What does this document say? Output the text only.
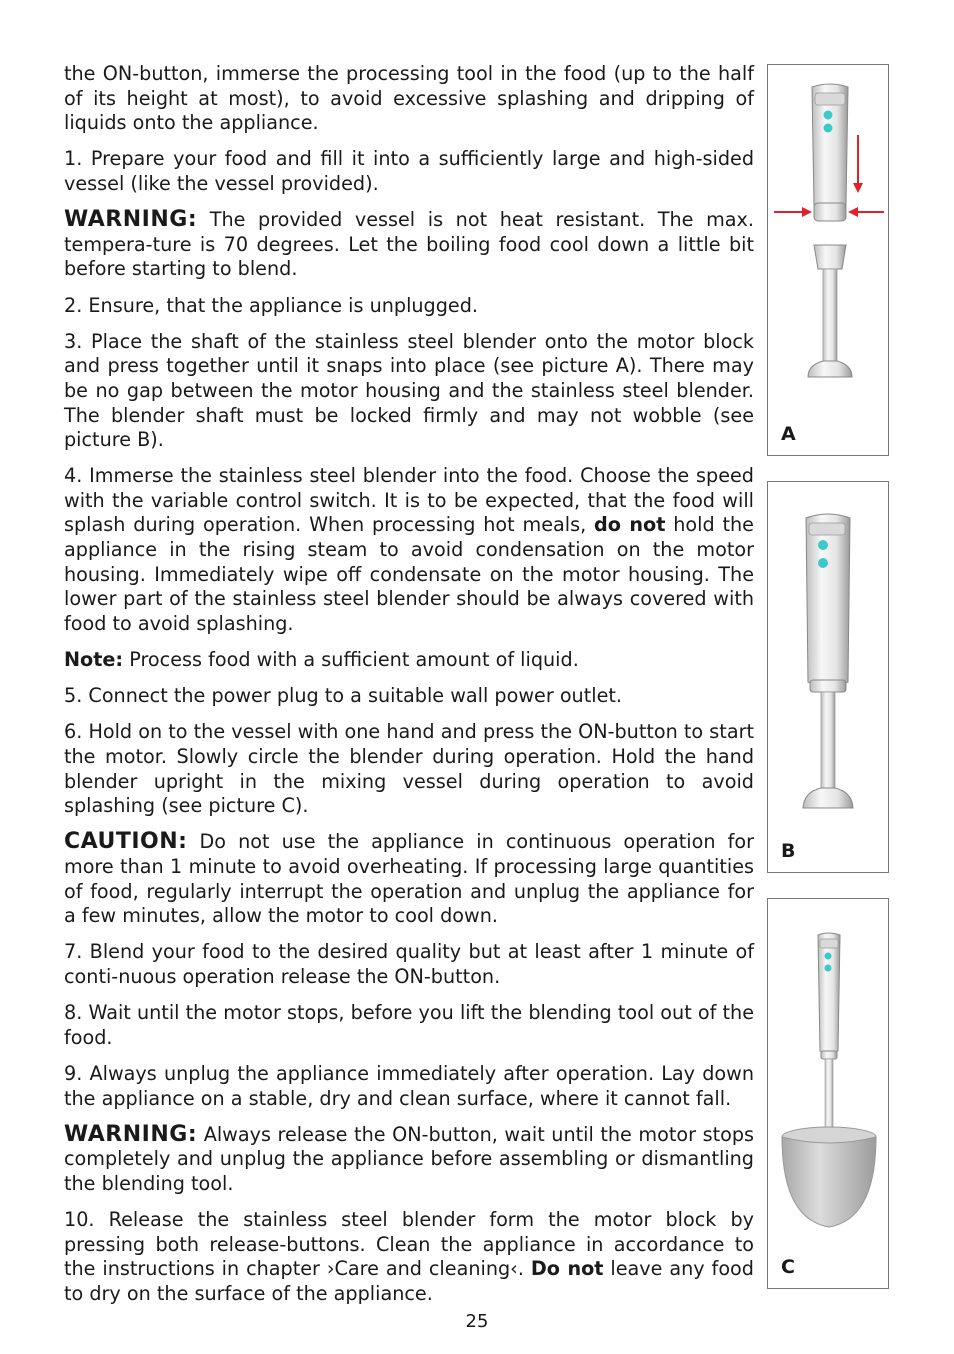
the ON-button, immerse the processing tool in the food (up to the half of its height at most), to avoid excessive splashing and dripping of liquids onto the appliance.

1. Prepare your food and fill it into a sufficiently large and high-sided vessel (like the vessel provided).

WARNING: The provided vessel is not heat resistant. The max. tempera-ture is 70 degrees. Let the boiling food cool down a little bit before starting to blend.

2. Ensure, that the appliance is unplugged.

3. Place the shaft of the stainless steel blender onto the motor block and press together until it snaps into place (see picture A). There may be no gap between the motor housing and the stainless steel blender. The blender shaft must be locked firmly and may not wobble (see picture B).

4. Immerse the stainless steel blender into the food. Choose the speed with the variable control switch. It is to be expected, that the food will splash during operation. When processing hot meals, do not hold the appliance in the rising steam to avoid condensation on the motor housing. Immediately wipe off condensate on the motor housing. The lower part of the stainless steel blender should be always covered with food to avoid splashing.

Note: Process food with a sufficient amount of liquid.

5. Connect the power plug to a suitable wall power outlet.

6. Hold on to the vessel with one hand and press the ON-button to start the motor. Slowly circle the blender during operation. Hold the hand blender upright in the mixing vessel during operation to avoid splashing (see picture C).

CAUTION: Do not use the appliance in continuous operation for more than 1 minute to avoid overheating. If processing large quantities of food, regularly interrupt the operation and unplug the appliance for a few minutes, allow the motor to cool down.

7. Blend your food to the desired quality but at least after 1 minute of conti-nuous operation release the ON-button.

8. Wait until the motor stops, before you lift the blending tool out of the food.

9. Always unplug the appliance immediately after operation. Lay down the appliance on a stable, dry and clean surface, where it cannot fall.

WARNING: Always release the ON-button, wait until the motor stops completely and unplug the appliance before assembling or dismantling the blending tool.

10. Release the stainless steel blender form the motor block by pressing both release-buttons. Clean the appliance in accordance to the instructions in chapter ›Care and cleaning‹. Do not leave any food to dry on the surface of the appliance.

A
B
C
25
